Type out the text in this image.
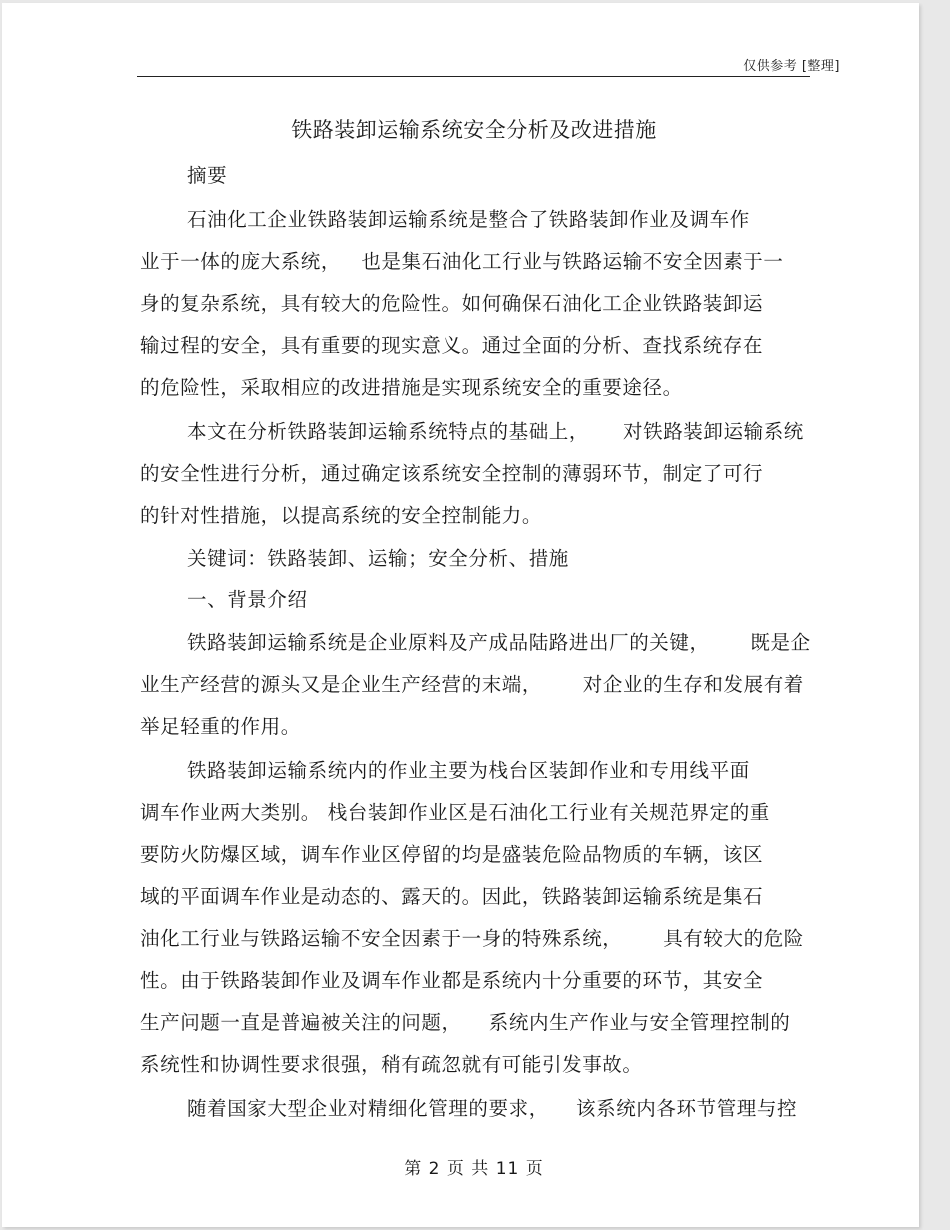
仅供参考 [整理]
铁路装卸运输系统安全分析及改进措施
摘要
石油化工企业铁路装卸运输系统是整合了铁路装卸作业及调车作
业于一体的庞大系统，   也是集石油化工行业与铁路运输不安全因素于一
身的复杂系统，具有较大的危险性。如何确保石油化工企业铁路装卸运
输过程的安全，具有重要的现实意义。通过全面的分析、查找系统存在
的危险性，采取相应的改进措施是实现系统安全的重要途径。
本文在分析铁路装卸运输系统特点的基础上，     对铁路装卸运输系统
的安全性进行分析，通过确定该系统安全控制的薄弱环节，制定了可行
的针对性措施，以提高系统的安全控制能力。
关键词：铁路装卸、运输；安全分析、措施
一、背景介绍
铁路装卸运输系统是企业原料及产成品陆路进出厂的关键，      既是企
业生产经营的源头又是企业生产经营的末端，      对企业的生存和发展有着
举足轻重的作用。
铁路装卸运输系统内的作业主要为栈台区装卸作业和专用线平面
调车作业两大类别。 栈台装卸作业区是石油化工行业有关规范界定的重
要防火防爆区域，调车作业区停留的均是盛装危险品物质的车辆，该区
域的平面调车作业是动态的、露天的。因此，铁路装卸运输系统是集石
油化工行业与铁路运输不安全因素于一身的特殊系统，      具有较大的危险
性。由于铁路装卸作业及调车作业都是系统内十分重要的环节，其安全
生产问题一直是普遍被关注的问题，    系统内生产作业与安全管理控制的
系统性和协调性要求很强，稍有疏忽就有可能引发事故。
随着国家大型企业对精细化管理的要求，    该系统内各环节管理与控
第 2 页 共 11 页
